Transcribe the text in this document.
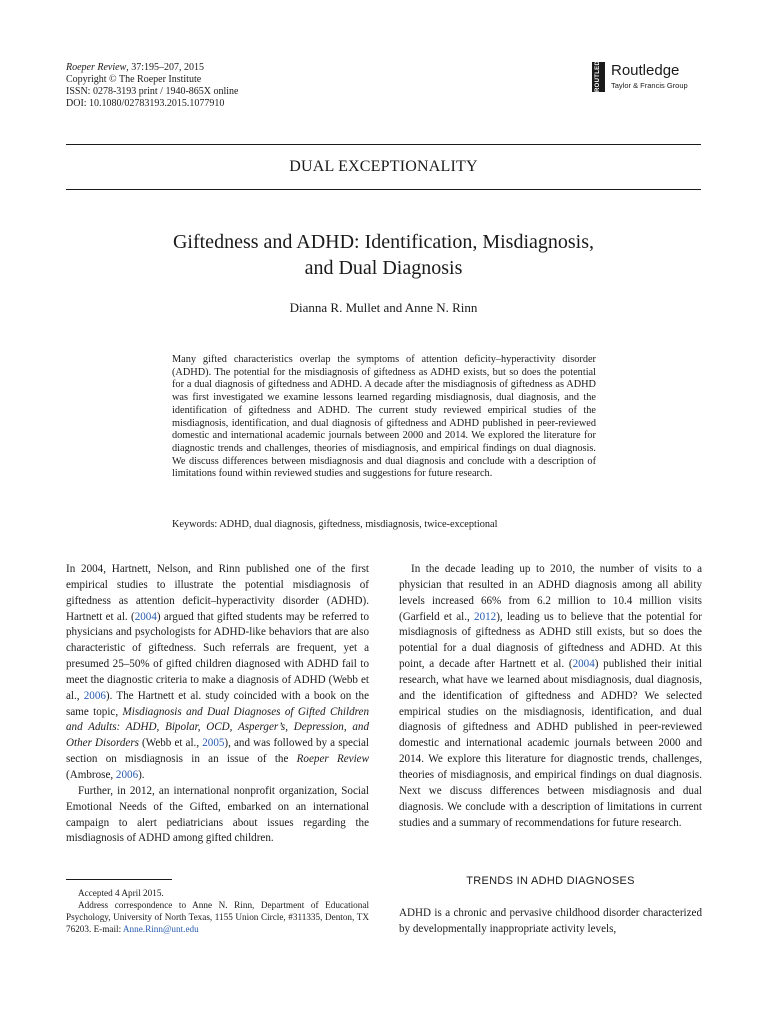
Roeper Review, 37:195–207, 2015
Copyright © The Roeper Institute
ISSN: 0278-3193 print / 1940-865X online
DOI: 10.1080/02783193.2015.1077910
ROUTLEDGE Routledge
Taylor & Francis Group
DUAL EXCEPTIONALITY
Giftedness and ADHD: Identification, Misdiagnosis,
and Dual Diagnosis
Dianna R. Mullet and Anne N. Rinn
Many gifted characteristics overlap the symptoms of attention deficity–hyperactivity disorder (ADHD). The potential for the misdiagnosis of giftedness as ADHD exists, but so does the potential for a dual diagnosis of giftedness and ADHD. A decade after the misdiagnosis of giftedness as ADHD was first investigated we examine lessons learned regarding misdiagnosis, dual diagnosis, and the identification of giftedness and ADHD. The current study reviewed empirical studies of the misdiagnosis, identification, and dual diagnosis of giftedness and ADHD published in peer-reviewed domestic and international academic journals between 2000 and 2014. We explored the literature for diagnostic trends and challenges, theories of misdiagnosis, and empirical findings on dual diagnosis. We discuss differences between misdiagnosis and dual diagnosis and conclude with a description of limitations found within reviewed studies and suggestions for future research.
Keywords: ADHD, dual diagnosis, giftedness, misdiagnosis, twice-exceptional

In 2004, Hartnett, Nelson, and Rinn published one of the first empirical studies to illustrate the potential misdiagnosis of giftedness as attention deficit–hyperactivity disorder (ADHD). Hartnett et al. (2004) argued that gifted students may be referred to physicians and psychologists for ADHD-like behaviors that are also characteristic of giftedness. Such referrals are frequent, yet a presumed 25–50% of gifted children diagnosed with ADHD fail to meet the diagnostic criteria to make a diagnosis of ADHD (Webb et al., 2006). The Hartnett et al. study coincided with a book on the same topic, Misdiagnosis and Dual Diagnoses of Gifted Children and Adults: ADHD, Bipolar, OCD, Asperger’s, Depression, and Other Disorders (Webb et al., 2005), and was followed by a special section on misdiagnosis in an issue of the Roeper Review (Ambrose, 2006).

Further, in 2012, an international nonprofit organization, Social Emotional Needs of the Gifted, embarked on an international campaign to alert pediatricians about issues regarding the misdiagnosis of ADHD among gifted children.

In the decade leading up to 2010, the number of visits to a physician that resulted in an ADHD diagnosis among all ability levels increased 66% from 6.2 million to 10.4 million visits (Garfield et al., 2012), leading us to believe that the potential for misdiagnosis of giftedness as ADHD still exists, but so does the potential for a dual diagnosis of giftedness and ADHD. At this point, a decade after Hartnett et al. (2004) published their initial research, what have we learned about misdiagnosis, dual diagnosis, and the identification of giftedness and ADHD? We selected empirical studies on the misdiagnosis, identification, and dual diagnosis of giftedness and ADHD published in peer-reviewed domestic and international academic journals between 2000 and 2014. We explore this literature for diagnostic trends, challenges, theories of misdiagnosis, and empirical findings on dual diagnosis. Next we discuss differences between misdiagnosis and dual diagnosis. We conclude with a description of limitations in current studies and a summary of recommendations for future research.

TRENDS IN ADHD DIAGNOSES

ADHD is a chronic and pervasive childhood disorder characterized by developmentally inappropriate activity levels,

Accepted 4 April 2015.

Address correspondence to Anne N. Rinn, Department of Educational Psychology, University of North Texas, 1155 Union Circle, #311335, Denton, TX 76203. E-mail: Anne.Rinn@unt.edu
